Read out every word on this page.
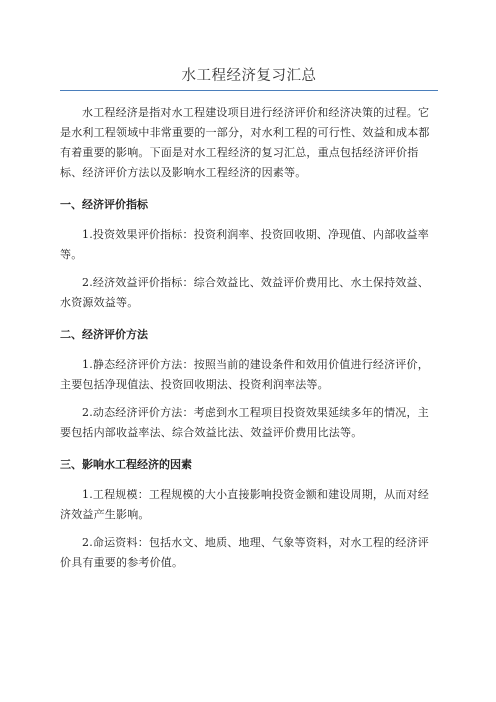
水工程经济复习汇总

水工程经济是指对水工程建设项目进行经济评价和经济决策的过程。它是水利工程领域中非常重要的一部分，对水利工程的可行性、效益和成本都有着重要的影响。下面是对水工程经济的复习汇总，重点包括经济评价指标、经济评价方法以及影响水工程经济的因素等。

一、经济评价指标

1.投资效果评价指标：投资利润率、投资回收期、净现值、内部收益率等。

2.经济效益评价指标：综合效益比、效益评价费用比、水土保持效益、水资源效益等。

二、经济评价方法

1.静态经济评价方法：按照当前的建设条件和效用价值进行经济评价，主要包括净现值法、投资回收期法、投资利润率法等。

2.动态经济评价方法：考虑到水工程项目投资效果延续多年的情况，主要包括内部收益率法、综合效益比法、效益评价费用比法等。

三、影响水工程经济的因素

1.工程规模：工程规模的大小直接影响投资金额和建设周期，从而对经济效益产生影响。

2.命运资料：包括水文、地质、地理、气象等资料，对水工程的经济评价具有重要的参考价值。
